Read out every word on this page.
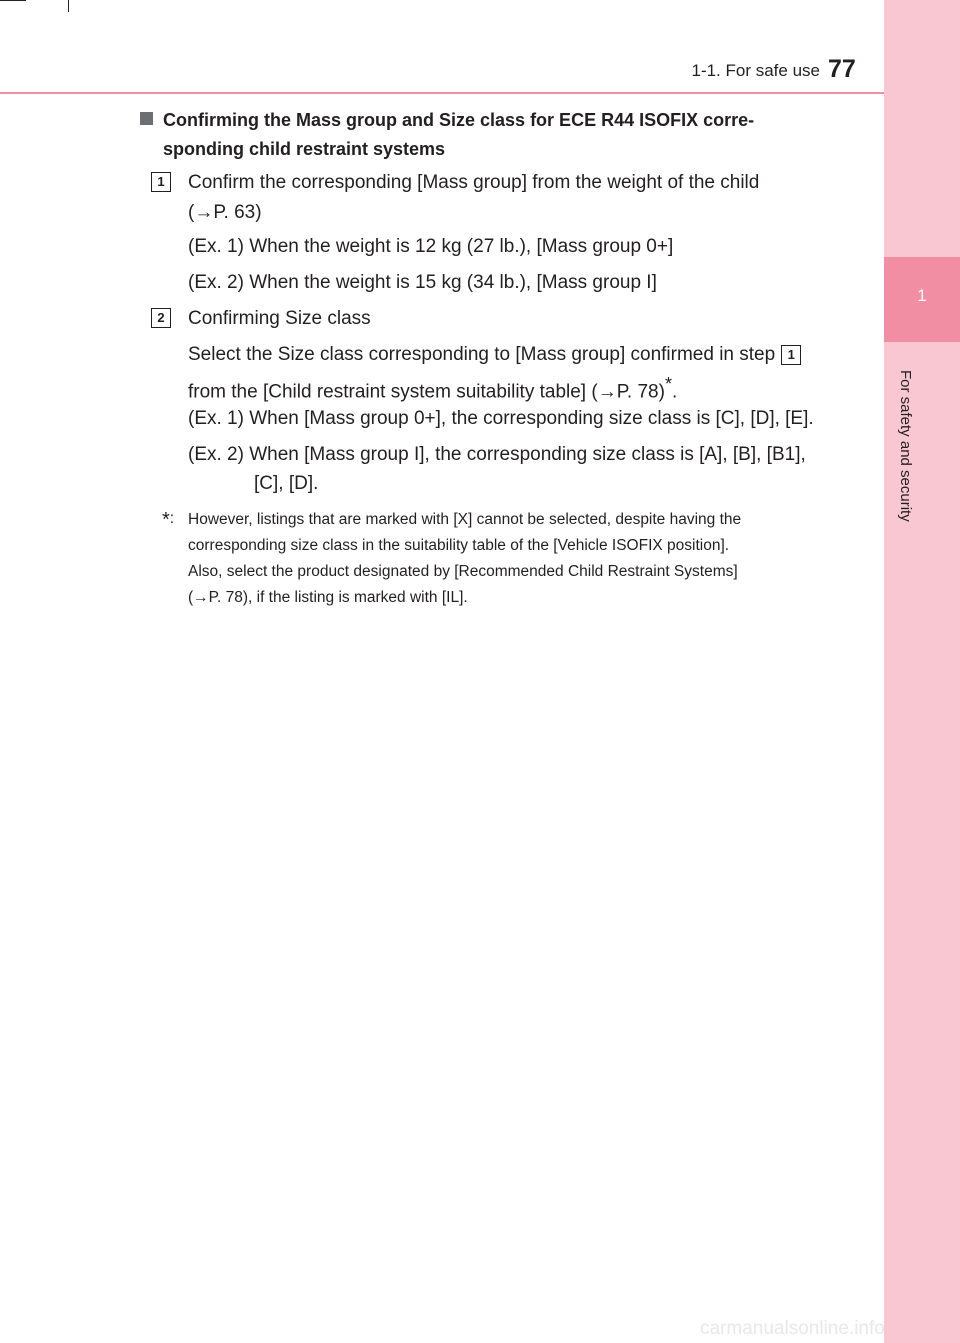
1
For safety and security
1-1. For safe use 77
Confirming the Mass group and Size class for ECE R44 ISOFIX corre-
sponding child restraint systems
1	Confirm the corresponding [Mass group] from the weight of the child
(→P. 63)
(Ex. 1) When the weight is 12 kg (27 lb.), [Mass group 0+]
(Ex. 2) When the weight is 15 kg (34 lb.), [Mass group I]
2	Confirming Size class
Select the Size class corresponding to [Mass group] confirmed in step 1
from the [Child restraint system suitability table] (→P. 78)*.
(Ex. 1) When [Mass group 0+], the corresponding size class is [C], [D], [E].
(Ex. 2) When [Mass group I], the corresponding size class is [A], [B], [B1],
[C], [D].
*: However, listings that are marked with [X] cannot be selected, despite having the
corresponding size class in the suitability table of the [Vehicle ISOFIX position].
Also, select the product designated by [Recommended Child Restraint Systems]
(→P. 78), if the listing is marked with [IL].
carmanualsonline.info
